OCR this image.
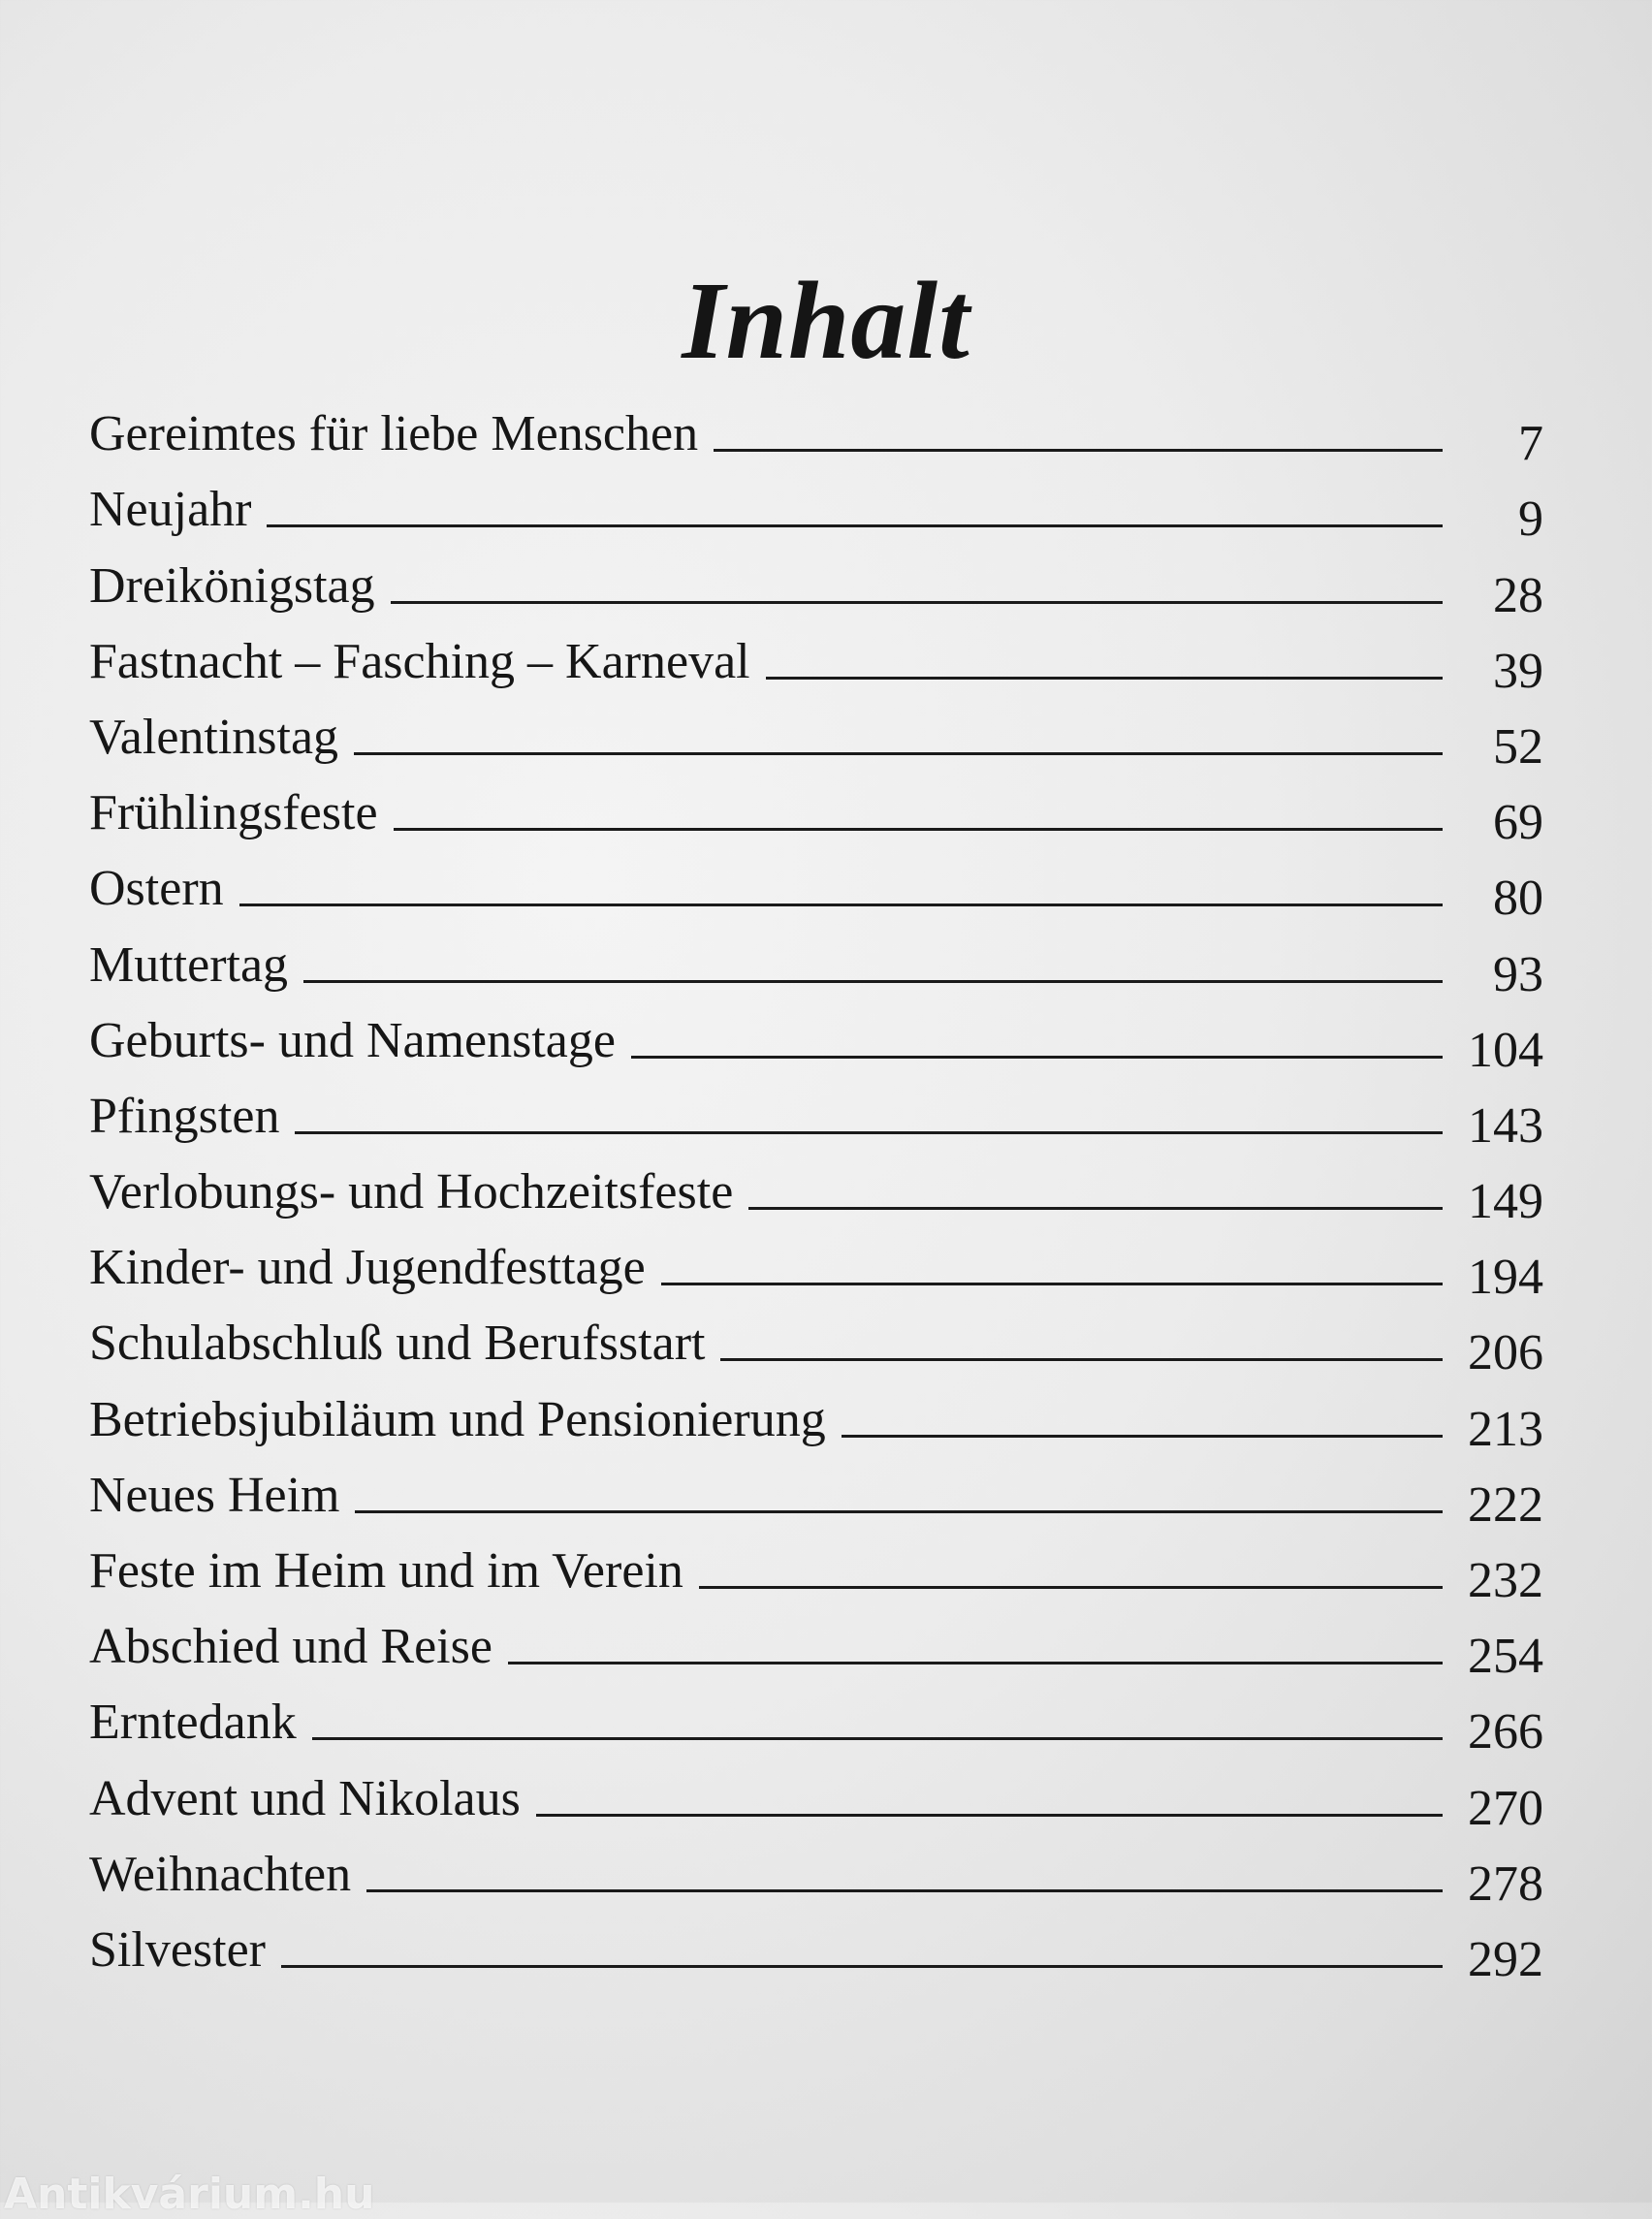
Inhalt
Gereimtes für liebe Menschen	7
Neujahr	9
Dreikönigstag	28
Fastnacht – Fasching – Karneval	39
Valentinstag	52
Frühlingsfeste	69
Ostern	80
Muttertag	93
Geburts- und Namenstage	104
Pfingsten	143
Verlobungs- und Hochzeitsfeste	149
Kinder- und Jugendfesttage	194
Schulabschluß und Berufsstart	206
Betriebsjubiläum und Pensionierung	213
Neues Heim	222
Feste im Heim und im Verein	232
Abschied und Reise	254
Erntedank	266
Advent und Nikolaus	270
Weihnachten	278
Silvester	292
Antikvárium.hu
